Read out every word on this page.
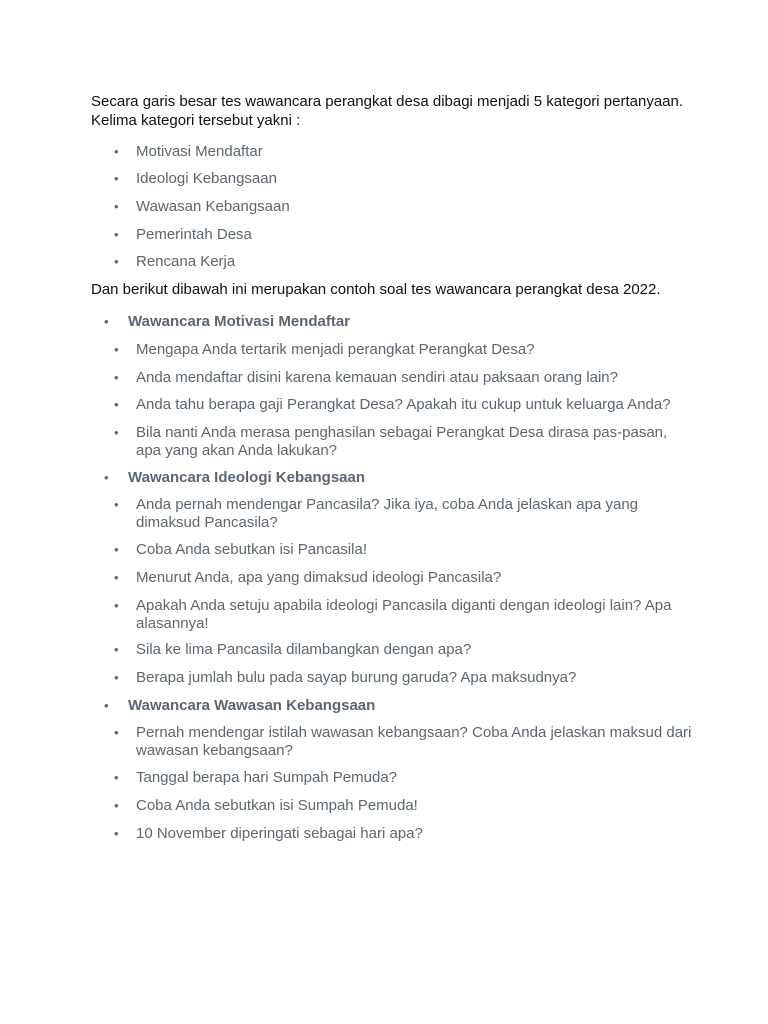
Secara garis besar tes wawancara perangkat desa dibagi menjadi 5 kategori pertanyaan. Kelima kategori tersebut yakni :

• Motivasi Mendaftar
• Ideologi Kebangsaan
• Wawasan Kebangsaan
• Pemerintah Desa
• Rencana Kerja

Dan berikut dibawah ini merupakan contoh soal tes wawancara perangkat desa 2022.

• Wawancara Motivasi Mendaftar
• Mengapa Anda tertarik menjadi perangkat Perangkat Desa?
• Anda mendaftar disini karena kemauan sendiri atau paksaan orang lain?
• Anda tahu berapa gaji Perangkat Desa? Apakah itu cukup untuk keluarga Anda?
• Bila nanti Anda merasa penghasilan sebagai Perangkat Desa dirasa pas-pasan, apa yang akan Anda lakukan?
• Wawancara Ideologi Kebangsaan
• Anda pernah mendengar Pancasila? Jika iya, coba Anda jelaskan apa yang dimaksud Pancasila?
• Coba Anda sebutkan isi Pancasila!
• Menurut Anda, apa yang dimaksud ideologi Pancasila?
• Apakah Anda setuju apabila ideologi Pancasila diganti dengan ideologi lain? Apa alasannya!
• Sila ke lima Pancasila dilambangkan dengan apa?
• Berapa jumlah bulu pada sayap burung garuda? Apa maksudnya?
• Wawancara Wawasan Kebangsaan
• Pernah mendengar istilah wawasan kebangsaan? Coba Anda jelaskan maksud dari wawasan kebangsaan?
• Tanggal berapa hari Sumpah Pemuda?
• Coba Anda sebutkan isi Sumpah Pemuda!
• 10 November diperingati sebagai hari apa?
